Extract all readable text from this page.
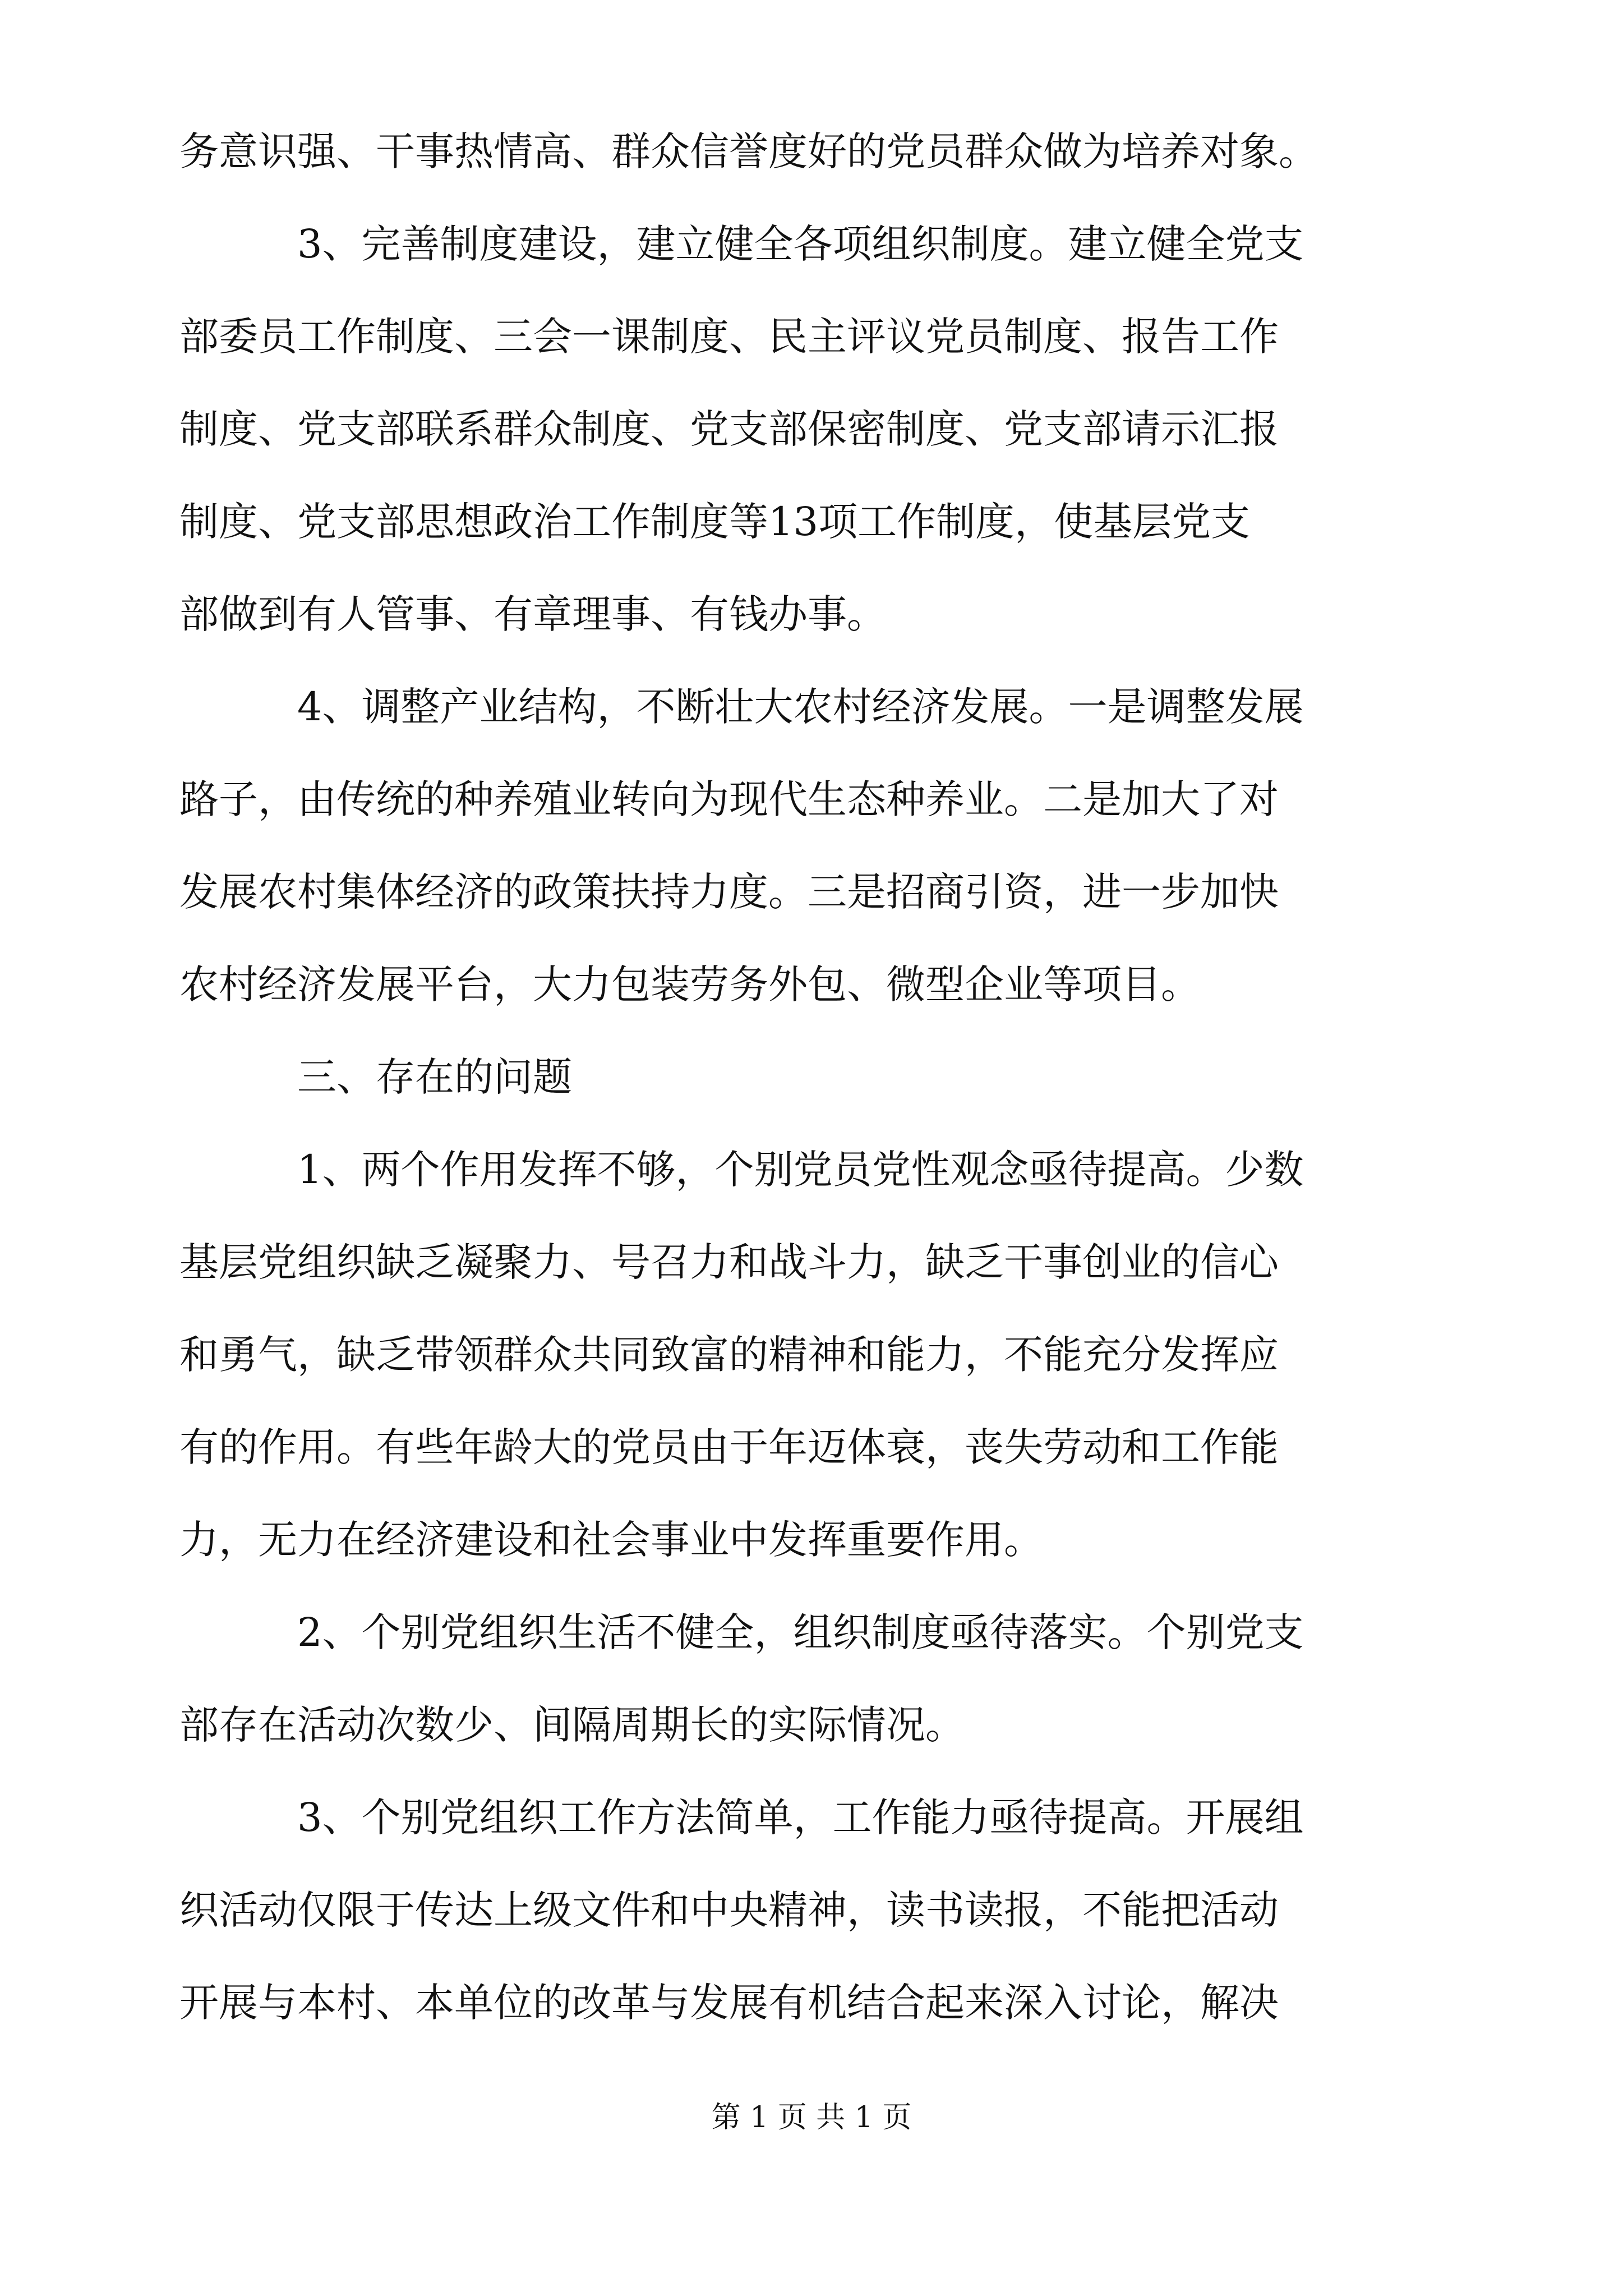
务意识强、干事热情高、群众信誉度好的党员群众做为培养对象。
3、完善制度建设，建立健全各项组织制度。建立健全党支
部委员工作制度、三会一课制度、民主评议党员制度、报告工作
制度、党支部联系群众制度、党支部保密制度、党支部请示汇报
制度、党支部思想政治工作制度等13项工作制度，使基层党支
部做到有人管事、有章理事、有钱办事。
4、调整产业结构，不断壮大农村经济发展。一是调整发展
路子，由传统的种养殖业转向为现代生态种养业。二是加大了对
发展农村集体经济的政策扶持力度。三是招商引资，进一步加快
农村经济发展平台，大力包装劳务外包、微型企业等项目。
三、存在的问题
1、两个作用发挥不够，个别党员党性观念亟待提高。少数
基层党组织缺乏凝聚力、号召力和战斗力，缺乏干事创业的信心
和勇气，缺乏带领群众共同致富的精神和能力，不能充分发挥应
有的作用。有些年龄大的党员由于年迈体衰，丧失劳动和工作能
力，无力在经济建设和社会事业中发挥重要作用。
2、个别党组织生活不健全，组织制度亟待落实。个别党支
部存在活动次数少、间隔周期长的实际情况。
3、个别党组织工作方法简单，工作能力亟待提高。开展组
织活动仅限于传达上级文件和中央精神，读书读报，不能把活动
开展与本村、本单位的改革与发展有机结合起来深入讨论，解决
第 1 页 共 1 页
